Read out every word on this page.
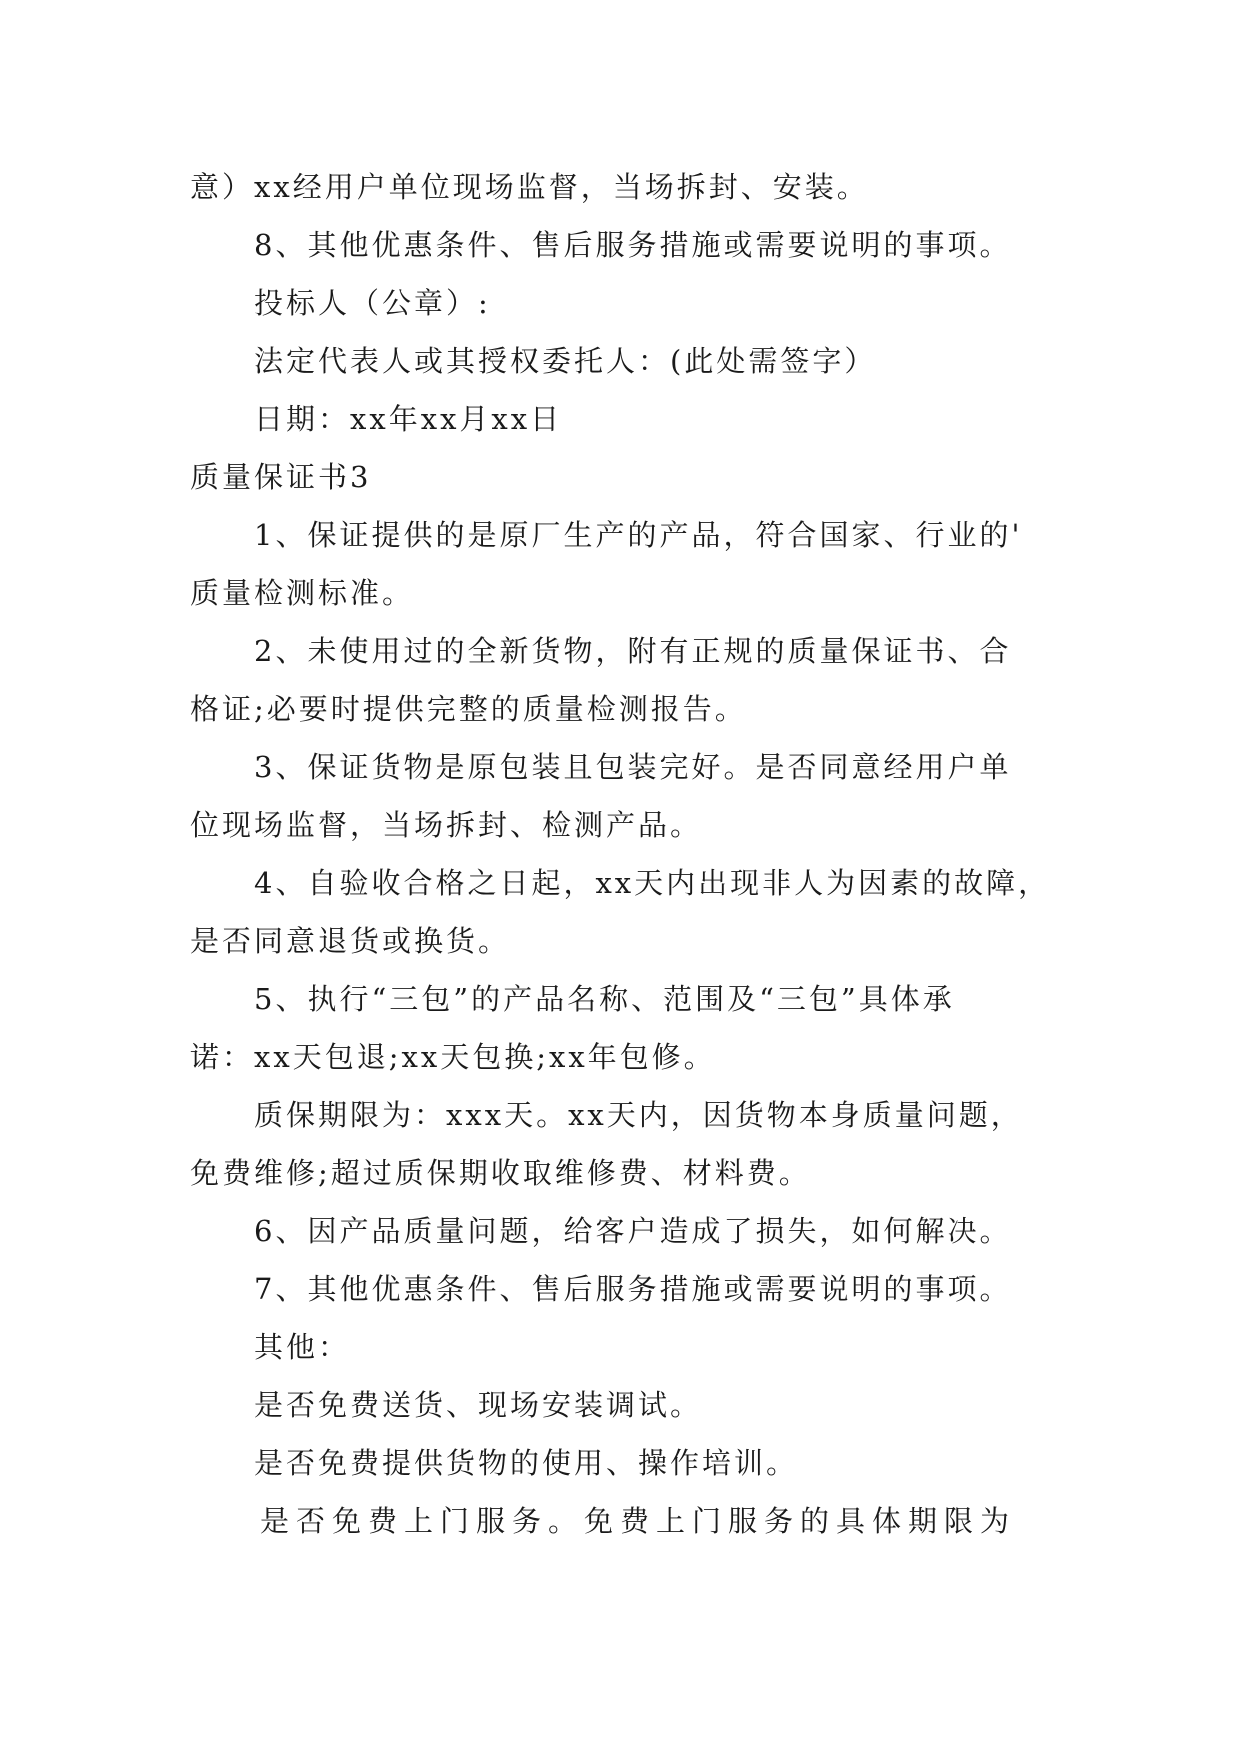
意）xx经用户单位现场监督，当场拆封、安装。
8、其他优惠条件、售后服务措施或需要说明的事项。
投标人（公章）:
法定代表人或其授权委托人：(此处需签字）
日期：xx年xx月xx日
质量保证书3
1、保证提供的是原厂生产的产品，符合国家、行业的'
质量检测标准。
2、未使用过的全新货物，附有正规的质量保证书、合
格证;必要时提供完整的质量检测报告。
3、保证货物是原包装且包装完好。是否同意经用户单
位现场监督，当场拆封、检测产品。
4、自验收合格之日起，xx天内出现非人为因素的故障，
是否同意退货或换货。
5、执行“三包”的产品名称、范围及“三包”具体承
诺：xx天包退;xx天包换;xx年包修。
质保期限为：xxx天。xx天内，因货物本身质量问题，
免费维修;超过质保期收取维修费、材料费。
6、因产品质量问题，给客户造成了损失，如何解决。
7、其他优惠条件、售后服务措施或需要说明的事项。
其他：
是否免费送货、现场安装调试。
是否免费提供货物的使用、操作培训。
是否免费上门服务。免费上门服务的具体期限为
